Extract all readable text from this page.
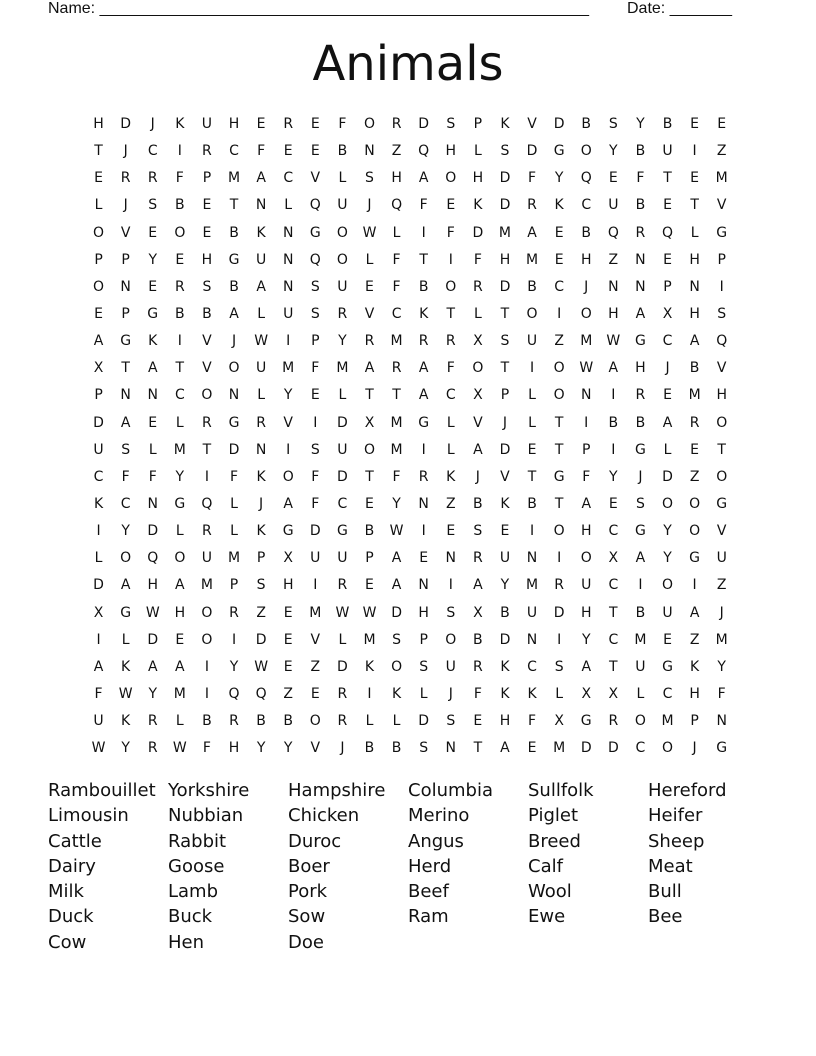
Name: _______________________________________________________ Date: _______
Animals
H	D	J	K	U	H	E	R	E	F	O	R	D	S	P	K	V	D	B	S	Y	B	E	E
T	J	C	I	R	C	F	E	E	B	N	Z	Q	H	L	S	D	G	O	Y	B	U	I	Z
E	R	R	F	P	M	A	C	V	L	S	H	A	O	H	D	F	Y	Q	E	F	T	E	M
L	J	S	B	E	T	N	L	Q	U	J	Q	F	E	K	D	R	K	C	U	B	E	T	V
O	V	E	O	E	B	K	N	G	O	W	L	I	F	D	M	A	E	B	Q	R	Q	L	G
P	P	Y	E	H	G	U	N	Q	O	L	F	T	I	F	H	M	E	H	Z	N	E	H	P
O	N	E	R	S	B	A	N	S	U	E	F	B	O	R	D	B	C	J	N	N	P	N	I
E	P	G	B	B	A	L	U	S	R	V	C	K	T	L	T	O	I	O	H	A	X	H	S
A	G	K	I	V	J	W	I	P	Y	R	M	R	R	X	S	U	Z	M	W	G	C	A	Q
X	T	A	T	V	O	U	M	F	M	A	R	A	F	O	T	I	O	W	A	H	J	B	V
P	N	N	C	O	N	L	Y	E	L	T	T	A	C	X	P	L	O	N	I	R	E	M	H
D	A	E	L	R	G	R	V	I	D	X	M	G	L	V	J	L	T	I	B	B	A	R	O
U	S	L	M	T	D	N	I	S	U	O	M	I	L	A	D	E	T	P	I	G	L	E	T
C	F	F	Y	I	F	K	O	F	D	T	F	R	K	J	V	T	G	F	Y	J	D	Z	O
K	C	N	G	Q	L	J	A	F	C	E	Y	N	Z	B	K	B	T	A	E	S	O	O	G
I	Y	D	L	R	L	K	G	D	G	B	W	I	E	S	E	I	O	H	C	G	Y	O	V
L	O	Q	O	U	M	P	X	U	U	P	A	E	N	R	U	N	I	O	X	A	Y	G	U
D	A	H	A	M	P	S	H	I	R	E	A	N	I	A	Y	M	R	U	C	I	O	I	Z
X	G	W	H	O	R	Z	E	M	W W	D	H	S	X	B	U	D	H	T	B	U	A	J
I	L	D	E	O	I	D	E	V	L	M	S	P	O	B	D	N	I	Y	C	M	E	Z	M
A	K	A	A	I	Y	W	E	Z	D	K	O	S	U	R	K	C	S	A	T	U	G	K	Y
F	W	Y	M	I	Q	Q	Z	E	R	I	K	L	J	F	K	K	L	X	X	L	C	H	F
U	K	R	L	B	R	B	B	O	R	L	L	D	S	E	H	F	X	G	R	O	M	P	N
W	Y	R	W	F	H	Y	Y	V	J	B	B	S	N	T	A	E	M	D	D	C	O	J	G
Rambouillet Yorkshire	Hampshire	Columbia	Sullfolk	Hereford
Limousin	Nubbian	Chicken	Merino	Piglet	Heifer
Cattle	Rabbit	Duroc	Angus	Breed	Sheep
Dairy	Goose	Boer	Herd	Calf	Meat
Milk	Lamb	Pork	Beef	Wool	Bull
Duck	Buck	Sow	Ram	Ewe	Bee
Cow	Hen	Doe
